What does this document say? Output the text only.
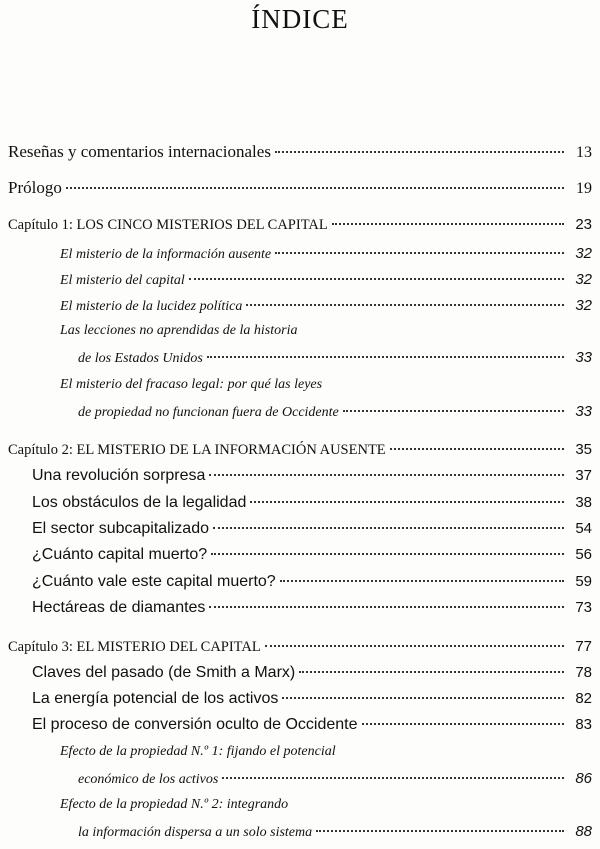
ÍNDICE
Reseñas y comentarios internacionales	13
Prólogo	19
Capítulo 1: LOS CINCO MISTERIOS DEL CAPITAL	23
El misterio de la información ausente	32
El misterio del capital	32
El misterio de la lucidez política	32
Las lecciones no aprendidas de la historia
de los Estados Unidos	33
El misterio del fracaso legal: por qué las leyes
de propiedad no funcionan fuera de Occidente	33
Capítulo 2: EL MISTERIO DE LA INFORMACIÓN AUSENTE	35
Una revolución sorpresa	37
Los obstáculos de la legalidad	38
El sector subcapitalizado	54
¿Cuánto capital muerto?	56
¿Cuánto vale este capital muerto?	59
Hectáreas de diamantes	73
Capítulo 3: EL MISTERIO DEL CAPITAL	77
Claves del pasado (de Smith a Marx)	78
La energía potencial de los activos	82
El proceso de conversión oculto de Occidente	83
Efecto de la propiedad N.º 1: fijando el potencial
económico de los activos	86
Efecto de la propiedad N.º 2: integrando
la información dispersa a un solo sistema	88
